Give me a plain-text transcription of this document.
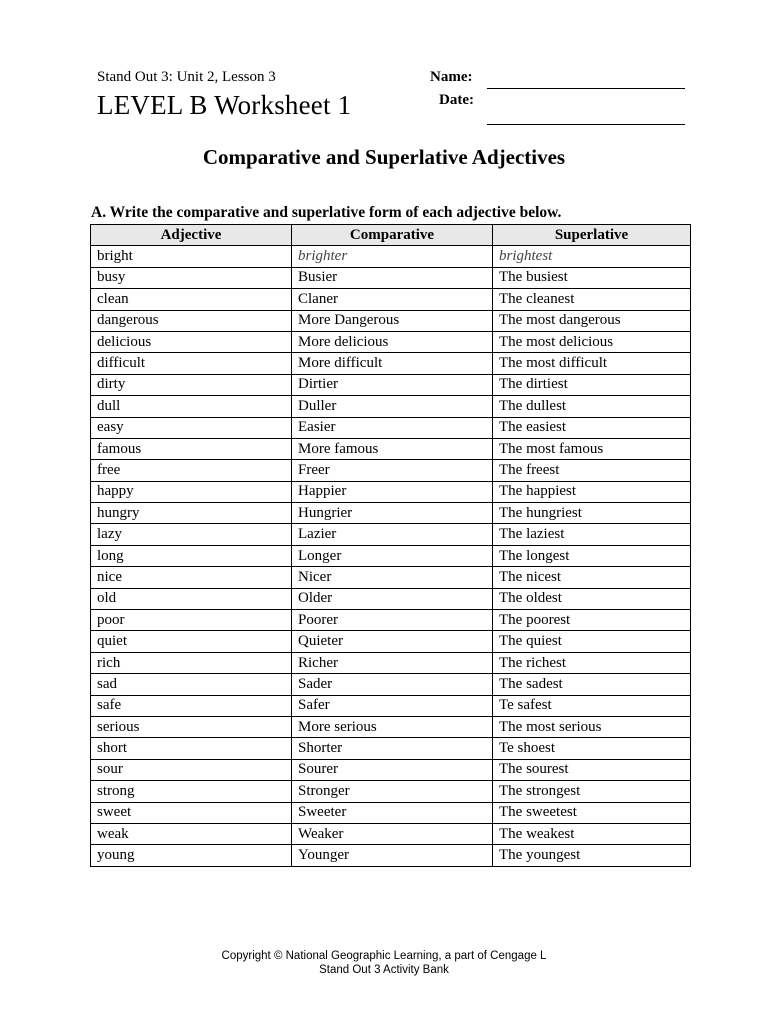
Stand Out 3: Unit 2, Lesson 3
LEVEL B Worksheet 1
Name:
Date:
Comparative and Superlative Adjectives
A. Write the comparative and superlative form of each adjective below.
Adjective	Comparative	Superlative
bright	brighter	brightest
busy	Busier	The busiest
clean	Claner	The cleanest
dangerous	More Dangerous	The most dangerous
delicious	More delicious	The most delicious
difficult	More difficult	The most difficult
dirty	Dirtier	The dirtiest
dull	Duller	The dullest
easy	Easier	The easiest
famous	More famous	The most famous
free	Freer	The freest
happy	Happier	The happiest
hungry	Hungrier	The hungriest
lazy	Lazier	The laziest
long	Longer	The longest
nice	Nicer	The nicest
old	Older	The oldest
poor	Poorer	The poorest
quiet	Quieter	The quiest
rich	Richer	The richest
sad	Sader	The sadest
safe	Safer	Te safest
serious	More serious	The most serious
short	Shorter	Te shoest
sour	Sourer	The sourest
strong	Stronger	The strongest
sweet	Sweeter	The sweetest
weak	Weaker	The weakest
young	Younger	The youngest
Copyright © National Geographic Learning, a part of Cengage L
Stand Out 3 Activity Bank
